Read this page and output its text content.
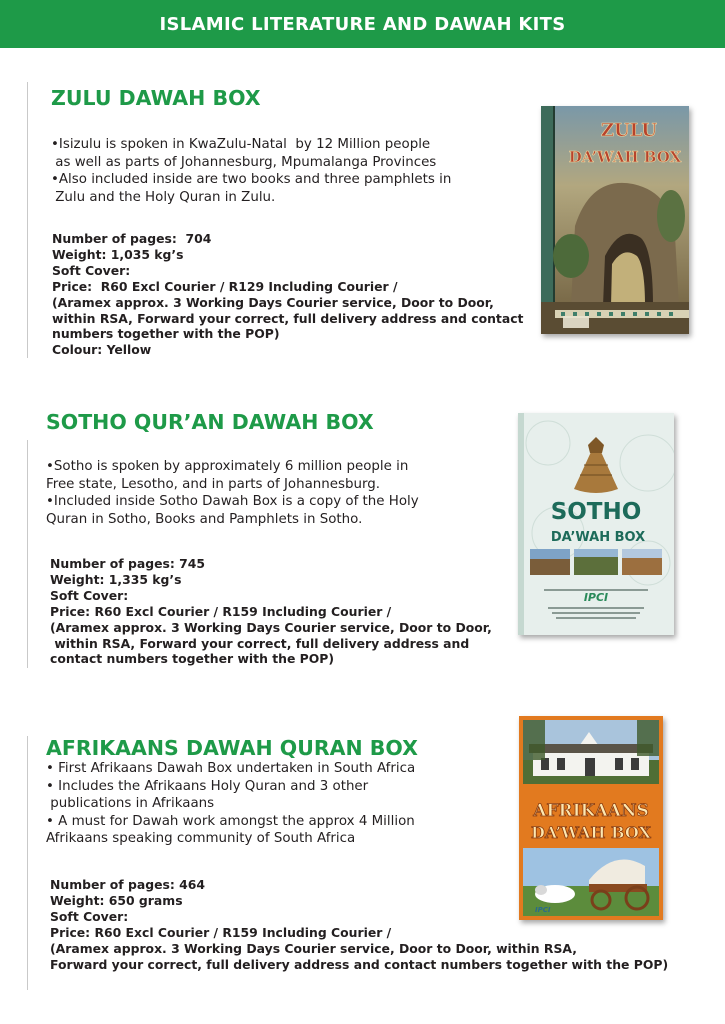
ISLAMIC LITERATURE AND DAWAH KITS
ZULU DAWAH BOX
•Isizulu is spoken in KwaZulu-Natal  by 12 Million people
as well as parts of Johannesburg, Mpumalanga Provinces
•Also included inside are two books and three pamphlets in
Zulu and the Holy Quran in Zulu.
Number of pages:  704
Weight: 1,035 kg’s
Soft Cover:
Price:  R60 Excl Courier / R129 Including Courier /
(Aramex approx. 3 Working Days Courier service, Door to Door,
within RSA, Forward your correct, full delivery address and contact
numbers together with the POP)
Colour: Yellow
ZULU
DA’WAH BOX
SOTHO QUR’AN DAWAH BOX
•Sotho is spoken by approximately 6 million people in
Free state, Lesotho, and in parts of Johannesburg.
•Included inside Sotho Dawah Box is a copy of the Holy
Quran in Sotho, Books and Pamphlets in Sotho.
Number of pages: 745
Weight: 1,335 kg’s
Soft Cover:
Price: R60 Excl Courier / R159 Including Courier /
(Aramex approx. 3 Working Days Courier service, Door to Door,
within RSA, Forward your correct, full delivery address and
contact numbers together with the POP)
SOTHO
DA’WAH BOX
IPCI
AFRIKAANS DAWAH QURAN BOX
• First Afrikaans Dawah Box undertaken in South Africa
• Includes the Afrikaans Holy Quran and 3 other
publications in Afrikaans
• A must for Dawah work amongst the approx 4 Million
Afrikaans speaking community of South Africa
Number of pages: 464
Weight: 650 grams
Soft Cover:
Price: R60 Excl Courier / R159 Including Courier /
(Aramex approx. 3 Working Days Courier service, Door to Door, within RSA,
Forward your correct, full delivery address and contact numbers together with the POP)
AFRIKAANS
DA’WAH BOX
IPCI
